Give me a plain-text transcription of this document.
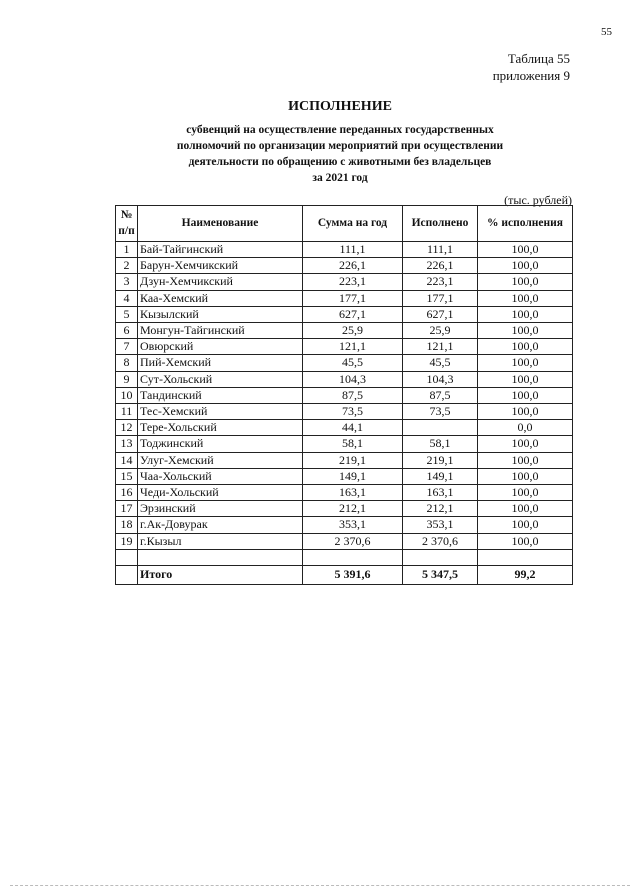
55
Таблица 55
приложения 9
ИСПОЛНЕНИЕ
субвенций на осуществление переданных государственных
полномочий по организации мероприятий при осуществлении
деятельности по обращению с животными без владельцев
за 2021 год
(тыс. рублей)
№
п/п	Наименование	Сумма на год	Исполнено	% исполнения
1	Бай-Тайгинский	111,1	111,1	100,0
2	Барун-Хемчикский	226,1	226,1	100,0
3	Дзун-Хемчикский	223,1	223,1	100,0
4	Каа-Хемский	177,1	177,1	100,0
5	Кызылский	627,1	627,1	100,0
6	Монгун-Тайгинский	25,9	25,9	100,0
7	Овюрский	121,1	121,1	100,0
8	Пий-Хемский	45,5	45,5	100,0
9	Сут-Хольский	104,3	104,3	100,0
10	Тандинский	87,5	87,5	100,0
11	Тес-Хемский	73,5	73,5	100,0
12	Тере-Хольский	44,1		0,0
13	Тоджинский	58,1	58,1	100,0
14	Улуг-Хемский	219,1	219,1	100,0
15	Чаа-Хольский	149,1	149,1	100,0
16	Чеди-Хольский	163,1	163,1	100,0
17	Эрзинский	212,1	212,1	100,0
18	г.Ак-Довурак	353,1	353,1	100,0
19	г.Кызыл	2 370,6	2 370,6	100,0

	Итого	5 391,6	5 347,5	99,2
